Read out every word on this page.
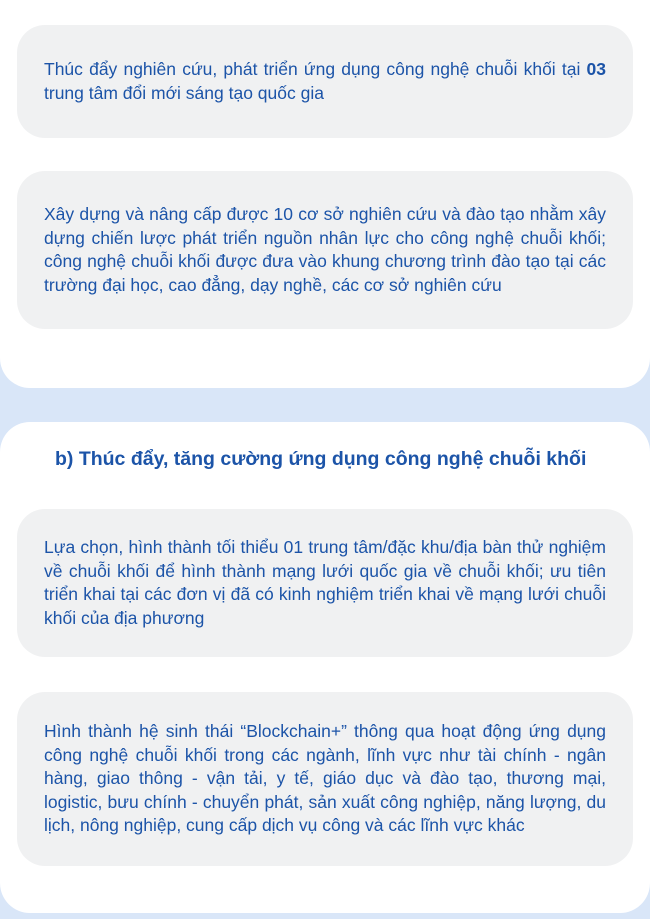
Thúc đẩy nghiên cứu, phát triển ứng dụng công nghệ chuỗi khối tại 03 trung tâm đổi mới sáng tạo quốc gia

Xây dựng và nâng cấp được 10 cơ sở nghiên cứu và đào tạo nhằm xây dựng chiến lược phát triển nguồn nhân lực cho công nghệ chuỗi khối; công nghệ chuỗi khối được đưa vào khung chương trình đào tạo tại các trường đại học, cao đẳng, dạy nghề, các cơ sở nghiên cứu

b) Thúc đẩy, tăng cường ứng dụng công nghệ chuỗi khối

Lựa chọn, hình thành tối thiểu 01 trung tâm/đặc khu/địa bàn thử nghiệm về chuỗi khối để hình thành mạng lưới quốc gia về chuỗi khối; ưu tiên triển khai tại các đơn vị đã có kinh nghiệm triển khai về mạng lưới chuỗi khối của địa phương

Hình thành hệ sinh thái “Blockchain+” thông qua hoạt động ứng dụng công nghệ chuỗi khối trong các ngành, lĩnh vực như tài chính - ngân hàng, giao thông - vận tải, y tế, giáo dục và đào tạo, thương mại, logistic, bưu chính - chuyển phát, sản xuất công nghiệp, năng lượng, du lịch, nông nghiệp, cung cấp dịch vụ công và các lĩnh vực khác
